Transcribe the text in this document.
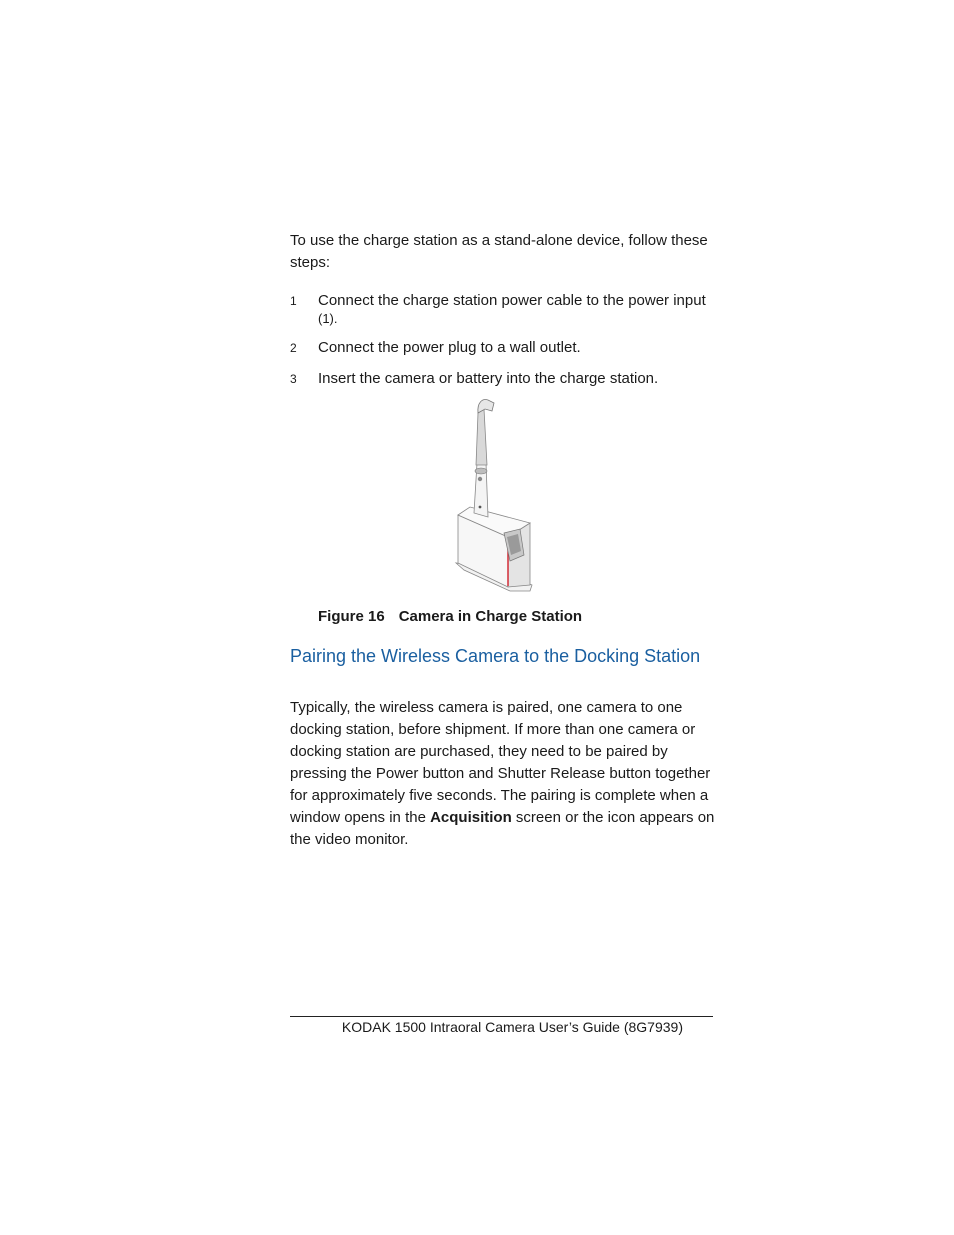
To use the charge station as a stand-alone device, follow these steps:

1 Connect the charge station power cable to the power input
(1).
2 Connect the power plug to a wall outlet.
3 Insert the camera or battery into the charge station.
Figure 16 Camera in Charge Station
Pairing the Wireless Camera to the Docking Station

Typically, the wireless camera is paired, one camera to one docking station, before shipment. If more than one camera or docking station are purchased, they need to be paired by pressing the Power button and Shutter Release button together for approximately five seconds. The pairing is complete when a window opens in the Acquisition screen or the icon appears on the video monitor.

KODAK 1500 Intraoral Camera User’s Guide (8G7939)
